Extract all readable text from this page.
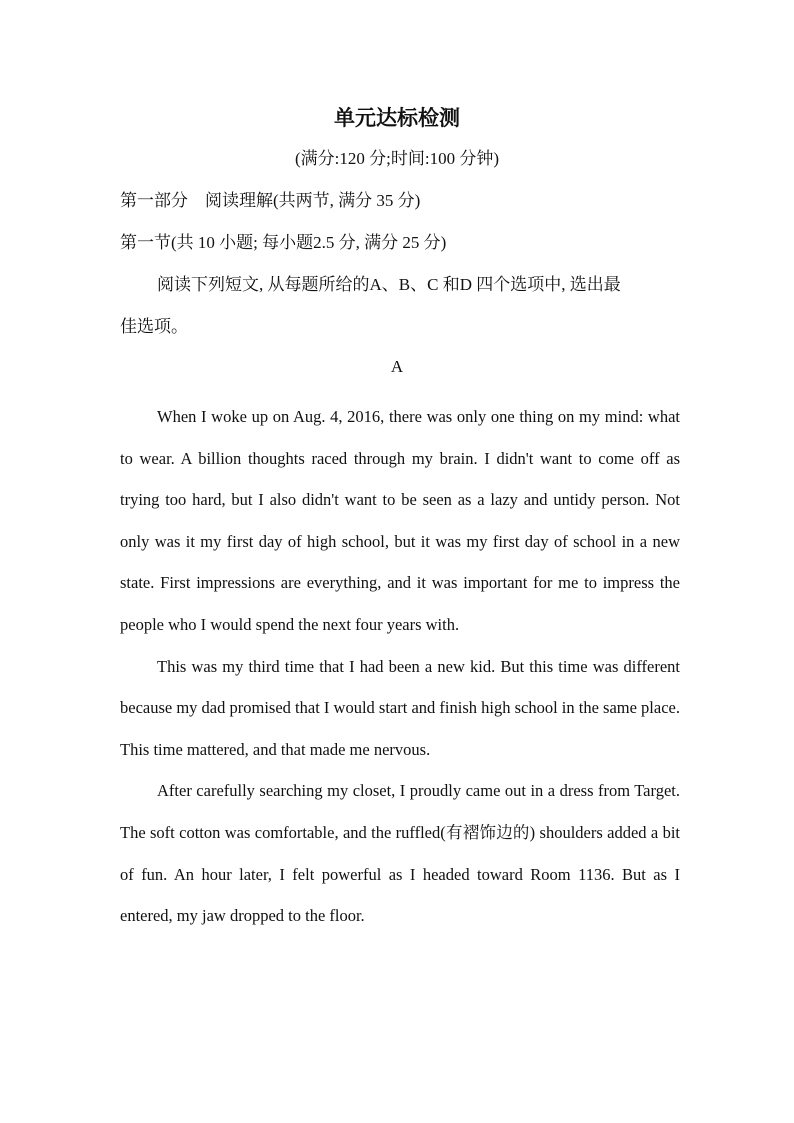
单元达标检测
(满分:120 分;时间:100 分钟)
第一部分　阅读理解(共两节, 满分 35 分)
第一节(共 10 小题; 每小题2.5 分, 满分 25 分)
阅读下列短文, 从每题所给的A、B、C 和D 四个选项中, 选出最
佳选项。
A

When I woke up on Aug. 4, 2016, there was only one thing on my mind: what to wear. A billion thoughts raced through my brain. I didn't want to come off as trying too hard, but I also didn't want to be seen as a lazy and untidy person. Not only was it my first day of high school, but it was my first day of school in a new state. First impressions are everything, and it was important for me to impress the people who I would spend the next four years with.

This was my third time that I had been a new kid. But this time was different because my dad promised that I would start and finish high school in the same place. This time mattered, and that made me nervous.

After carefully searching my closet, I proudly came out in a dress from Target. The soft cotton was comfortable, and the ruffled(有褶饰边的) shoulders added a bit of fun. An hour later, I felt powerful as I headed toward Room 1136. But as I entered, my jaw dropped to the floor.
